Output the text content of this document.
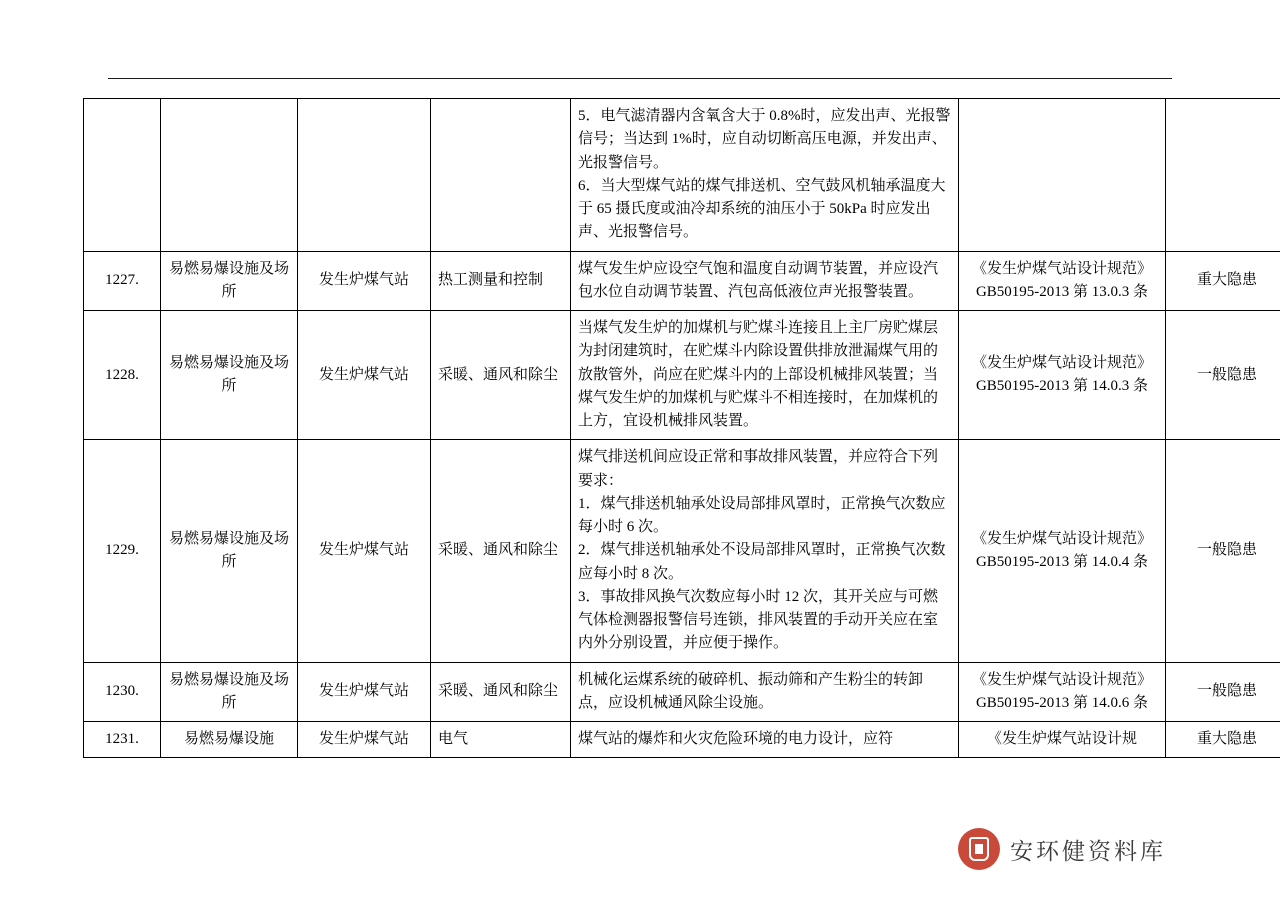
				5．电气滤清器内含氧含大于 0.8%时，应发出声、光报警信号；当达到 1%时，应自动切断高压电源，并发出声、光报警信号。

6．当大型煤气站的煤气排送机、空气鼓风机轴承温度大于 65 摄氏度或油冷却系统的油压小于 50kPa 时应发出声、光报警信号。		

1227.	易燃易爆设施及场所	发生炉煤气站	热工测量和控制	煤气发生炉应设空气饱和温度自动调节装置，并应设汽包水位自动调节装置、汽包高低液位声光报警装置。	《发生炉煤气站设计规范》GB50195-2013 第 13.0.3 条	重大隐患
1228.	易燃易爆设施及场所	发生炉煤气站	采暖、通风和除尘	当煤气发生炉的加煤机与贮煤斗连接且上主厂房贮煤层为封闭建筑时，在贮煤斗内除设置供排放泄漏煤气用的放散管外，尚应在贮煤斗内的上部设机械排风装置；当煤气发生炉的加煤机与贮煤斗不相连接时，在加煤机的上方，宜设机械排风装置。	《发生炉煤气站设计规范》GB50195-2013 第 14.0.3 条	一般隐患
1229.	易燃易爆设施及场所	发生炉煤气站	采暖、通风和除尘	煤气排送机间应设正常和事故排风装置，并应符合下列要求：

1．煤气排送机轴承处设局部排风罩时，正常换气次数应每小时 6 次。

2．煤气排送机轴承处不设局部排风罩时，正常换气次数应每小时 8 次。

3．事故排风换气次数应每小时 12 次，其开关应与可燃气体检测器报警信号连锁，排风装置的手动开关应在室内外分别设置，并应便于操作。	《发生炉煤气站设计规范》GB50195-2013 第 14.0.4 条	一般隐患
1230.	易燃易爆设施及场所	发生炉煤气站	采暖、通风和除尘	机械化运煤系统的破碎机、振动筛和产生粉尘的转卸点，应设机械通风除尘设施。	《发生炉煤气站设计规范》GB50195-2013 第 14.0.6 条	一般隐患
1231.	易燃易爆设施	发生炉煤气站	电气	煤气站的爆炸和火灾危险环境的电力设计，应符	《发生炉煤气站设计规	重大隐患
安环健资料库
